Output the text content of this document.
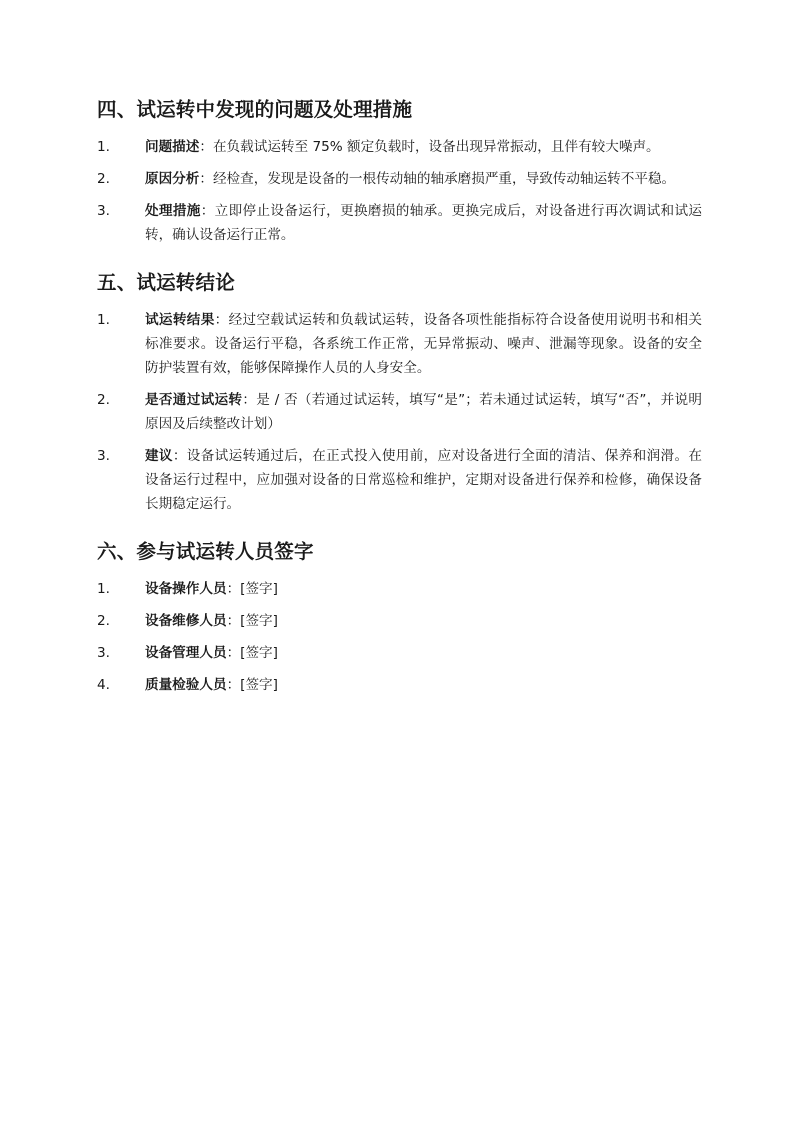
四、试运转中发现的问题及处理措施
1.	问题描述：在负载试运转至 75% 额定负载时，设备出现异常振动，且伴有较大噪声。
2.	原因分析：经检查，发现是设备的一根传动轴的轴承磨损严重，导致传动轴运转不平稳。
3.	处理措施：立即停止设备运行，更换磨损的轴承。更换完成后，对设备进行再次调试和试运转，确认设备运行正常。
五、试运转结论
1.	试运转结果：经过空载试运转和负载试运转，设备各项性能指标符合设备使用说明书和相关标准要求。设备运行平稳，各系统工作正常，无异常振动、噪声、泄漏等现象。设备的安全防护装置有效，能够保障操作人员的人身安全。
2.	是否通过试运转：是 / 否（若通过试运转，填写“是”；若未通过试运转，填写“否”，并说明原因及后续整改计划）
3.	建议：设备试运转通过后，在正式投入使用前，应对设备进行全面的清洁、保养和润滑。在设备运行过程中，应加强对设备的日常巡检和维护，定期对设备进行保养和检修，确保设备长期稳定运行。
六、参与试运转人员签字
1.	设备操作人员：[签字]
2.	设备维修人员：[签字]
3.	设备管理人员：[签字]
4.	质量检验人员：[签字]
